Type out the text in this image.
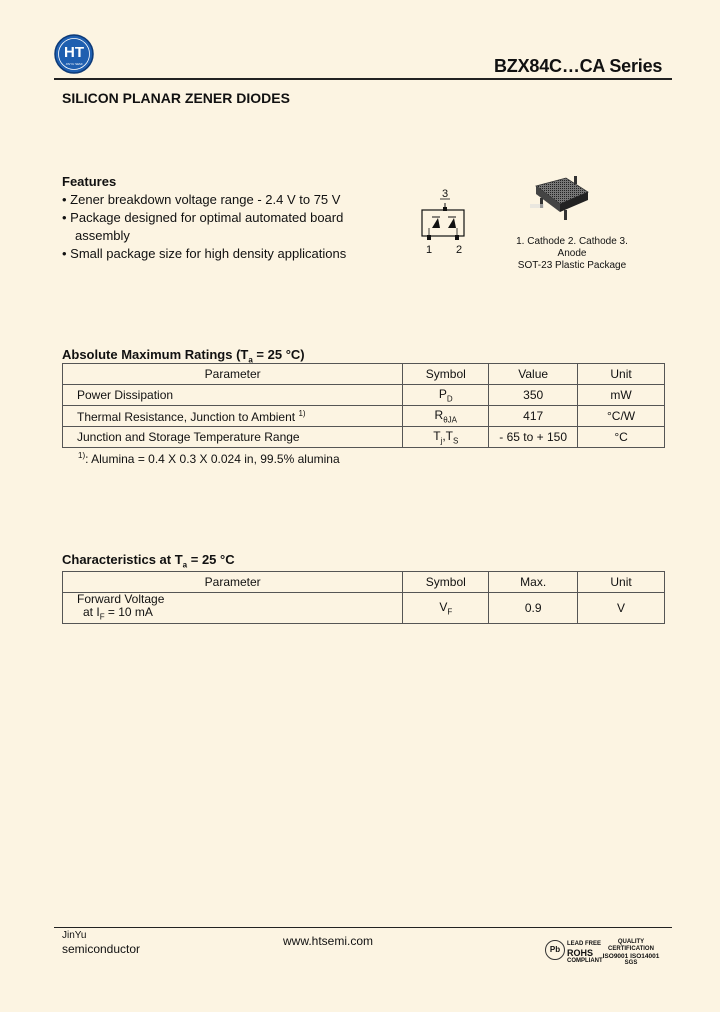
HT
JINYU SEMI	BZX84C…CA Series
SILICON PLANAR ZENER DIODES
Features
• Zener breakdown voltage range - 2.4 V to 75 V
• Package designed for optimal automated board
assembly
• Small package size for high density applications
3
1 2
1. Cathode 2. Cathode 3. Anode
SOT-23 Plastic Package
Absolute Maximum Ratings ($T_a = 25$ °C)
Parameter	Symbol	Value	Unit
Power Dissipation	$P_D$	350	mW
Thermal Resistance, Junction to Ambient $^{1)}$	$R_{\theta JA}$	417	°C/W
Junction and Storage Temperature Range	$T_j,T_S$	- 65 to + 150	°C
$^{1)}$: Alumina = 0.4 X 0.3 X 0.024 in, 99.5% alumina
Characteristics at $T_a = 25$ °C
Parameter	Symbol	Max.	Unit

Forward Voltage
at $I_F = 10$ mA	$V_F$	0.9	V
JinYu
semiconductor
www.htsemi.com
Pb
LEAD FREE
ROHS
COMPLIANT
QUALITY
CERTIFICATION
ISO9001 ISO14001
SGS
